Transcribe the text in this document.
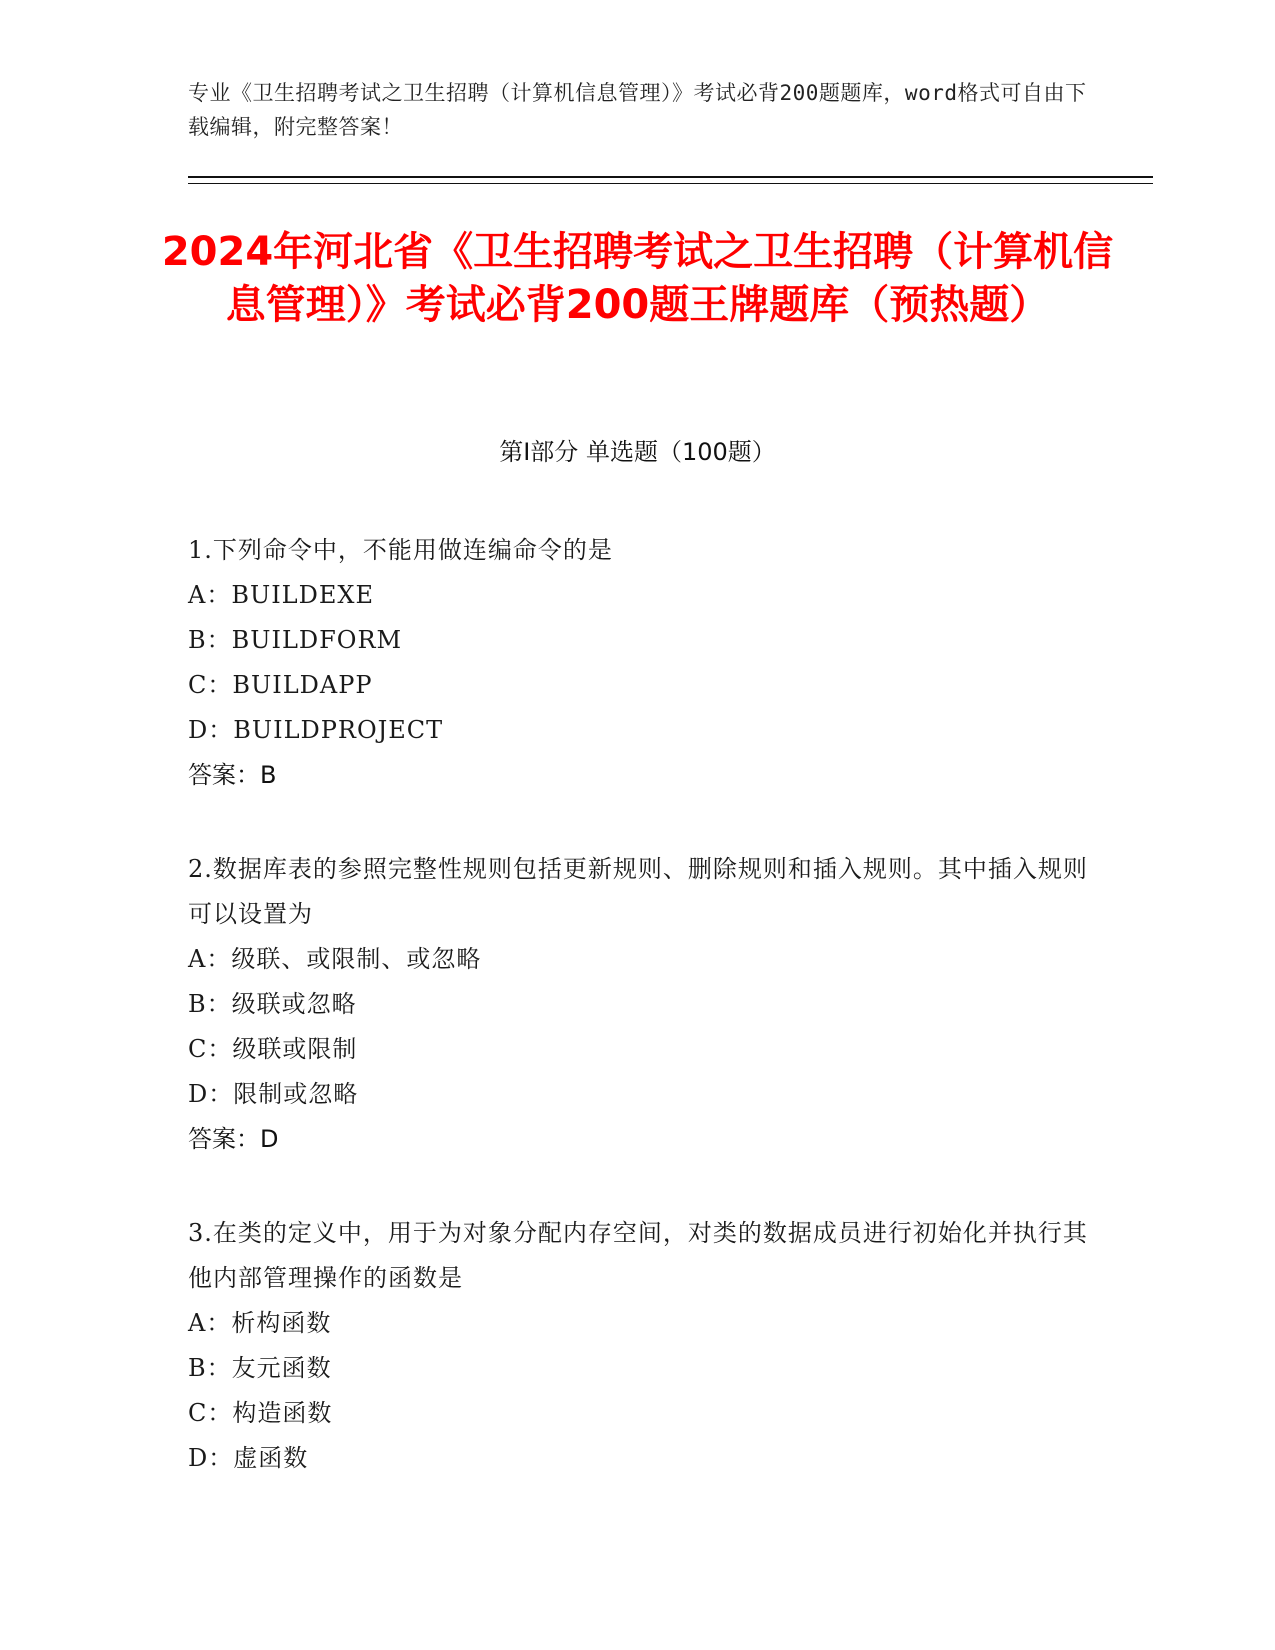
专业《卫生招聘考试之卫生招聘（计算机信息管理）》考试必背200题题库，word格式可自由下载编辑，附完整答案！
2024年河北省《卫生招聘考试之卫生招聘（计算机信息管理）》考试必背200题王牌题库（预热题）
第I部分 单选题（100题）
1.下列命令中，不能用做连编命令的是
A：BUILDEXE
B：BUILDFORM
C：BUILDAPP
D：BUILDPROJECT
答案：B
2.数据库表的参照完整性规则包括更新规则、删除规则和插入规则。其中插入规则可以设置为
A：级联、或限制、或忽略
B：级联或忽略
C：级联或限制
D：限制或忽略
答案：D
3.在类的定义中，用于为对象分配内存空间，对类的数据成员进行初始化并执行其他内部管理操作的函数是
A：析构函数
B：友元函数
C：构造函数
D：虚函数
